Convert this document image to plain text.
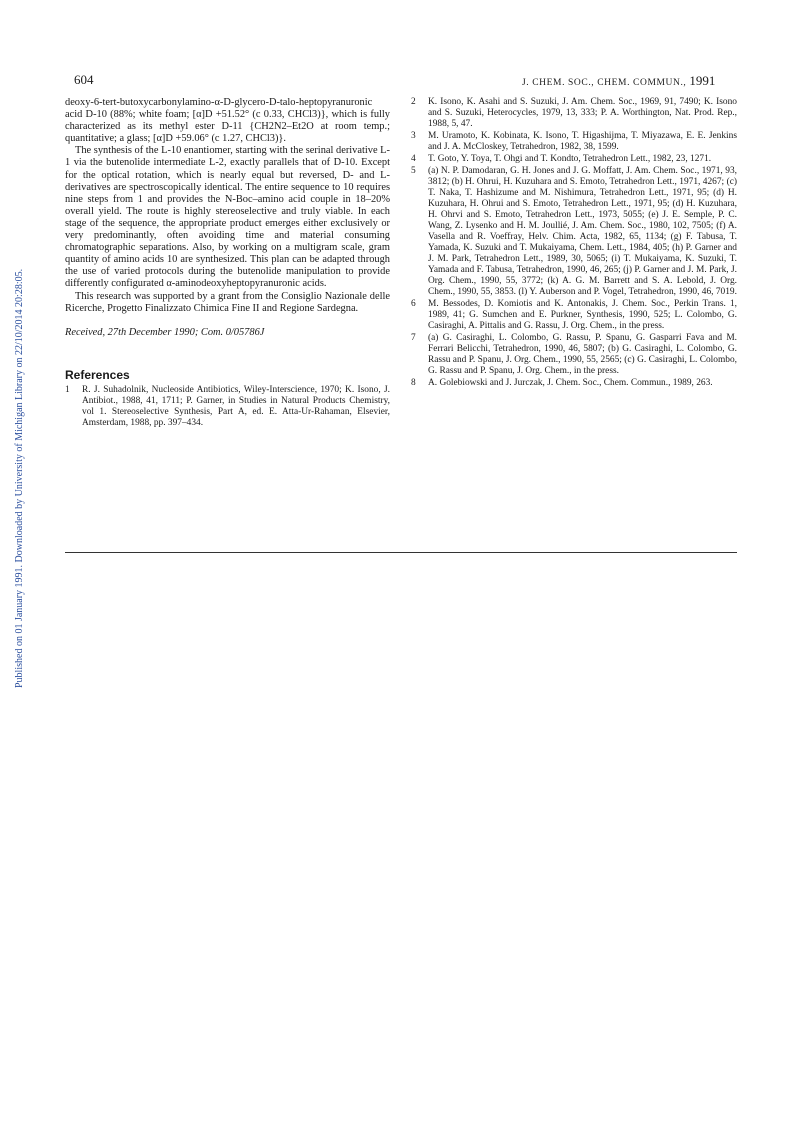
604	J. CHEM. SOC., CHEM. COMMUN., 1991
Published on 01 January 1991. Downloaded by University of Michigan Library on 22/10/2014 20:28:05.

deoxy-6-tert-butoxycarbonylamino-α-D-glycero-D-talo-heptopyranuronic acid D-10 (88%; white foam; [α]D +51.52° (c 0.33, CHCl3)}, which is fully characterized as its methyl ester D-11 {CH2N2–Et2O at room temp.; quantitative; a glass; [α]D +59.06° (c 1.27, CHCl3)}.

The synthesis of the L-10 enantiomer, starting with the serinal derivative L-1 via the butenolide intermediate L-2, exactly parallels that of D-10. Except for the optical rotation, which is nearly equal but reversed, D- and L-derivatives are spectroscopically identical. The entire sequence to 10 requires nine steps from 1 and provides the N-Boc–amino acid couple in 18–20% overall yield. The route is highly stereoselective and truly viable. In each stage of the sequence, the appropriate product emerges either exclusively or very predominantly, often avoiding time and material consuming chromatographic separations. Also, by working on a multigram scale, gram quantity of amino acids 10 are synthesized. This plan can be adapted through the use of varied protocols during the butenolide manipulation to provide differently configurated α-aminodeoxyheptopyranuronic acids.

This research was supported by a grant from the Consiglio Nazionale delle Ricerche, Progetto Finalizzato Chimica Fine II and Regione Sardegna.

Received, 27th December 1990; Com. 0/05786J

References
1 R. J. Suhadolnik, Nucleoside Antibiotics, Wiley-Interscience, 1970; K. Isono, J. Antibiot., 1988, 41, 1711; P. Garner, in Studies in Natural Products Chemistry, vol 1. Stereoselective Synthesis, Part A, ed. E. Atta-Ur-Rahaman, Elsevier, Amsterdam, 1988, pp. 397–434.
2 K. Isono, K. Asahi and S. Suzuki, J. Am. Chem. Soc., 1969, 91, 7490; K. Isono and S. Suzuki, Heterocycles, 1979, 13, 333; P. A. Worthington, Nat. Prod. Rep., 1988, 5, 47.
3 M. Uramoto, K. Kobinata, K. Isono, T. Higashijma, T. Miyazawa, E. E. Jenkins and J. A. McCloskey, Tetrahedron, 1982, 38, 1599.
4 T. Goto, Y. Toya, T. Ohgi and T. Kondto, Tetrahedron Lett., 1982, 23, 1271.
5 (a) N. P. Damodaran, G. H. Jones and J. G. Moffatt, J. Am. Chem. Soc., 1971, 93, 3812; (b) H. Ohrui, H. Kuzuhara and S. Emoto, Tetrahedron Lett., 1971, 4267; (c) T. Naka, T. Hashizume and M. Nishimura, Tetrahedron Lett., 1971, 95; (d) H. Kuzuhara, H. Ohrui and S. Emoto, Tetrahedron Lett., 1971, 95; (d) H. Kuzuhara, H. Ohrvi and S. Emoto, Tetrahedron Lett., 1973, 5055; (e) J. E. Semple, P. C. Wang, Z. Lysenko and H. M. Joullié, J. Am. Chem. Soc., 1980, 102, 7505; (f) A. Vasella and R. Voeffray, Helv. Chim. Acta, 1982, 65, 1134; (g) F. Tabusa, T. Yamada, K. Suzuki and T. Mukaiyama, Chem. Lett., 1984, 405; (h) P. Garner and J. M. Park, Tetrahedron Lett., 1989, 30, 5065; (i) T. Mukaiyama, K. Suzuki, T. Yamada and F. Tabusa, Tetrahedron, 1990, 46, 265; (j) P. Garner and J. M. Park, J. Org. Chem., 1990, 55, 3772; (k) A. G. M. Barrett and S. A. Lebold, J. Org. Chem., 1990, 55, 3853. (l) Y. Auberson and P. Vogel, Tetrahedron, 1990, 46, 7019.
6 M. Bessodes, D. Komiotis and K. Antonakis, J. Chem. Soc., Perkin Trans. 1, 1989, 41; G. Sumchen and E. Purkner, Synthesis, 1990, 525; L. Colombo, G. Casiraghi, A. Pittalis and G. Rassu, J. Org. Chem., in the press.
7 (a) G. Casiraghi, L. Colombo, G. Rassu, P. Spanu, G. Gasparri Fava and M. Ferrari Belicchi, Tetrahedron, 1990, 46, 5807; (b) G. Casiraghi, L. Colombo, G. Rassu and P. Spanu, J. Org. Chem., 1990, 55, 2565; (c) G. Casiraghi, L. Colombo, G. Rassu and P. Spanu, J. Org. Chem., in the press.
8 A. Golebiowski and J. Jurczak, J. Chem. Soc., Chem. Commun., 1989, 263.
